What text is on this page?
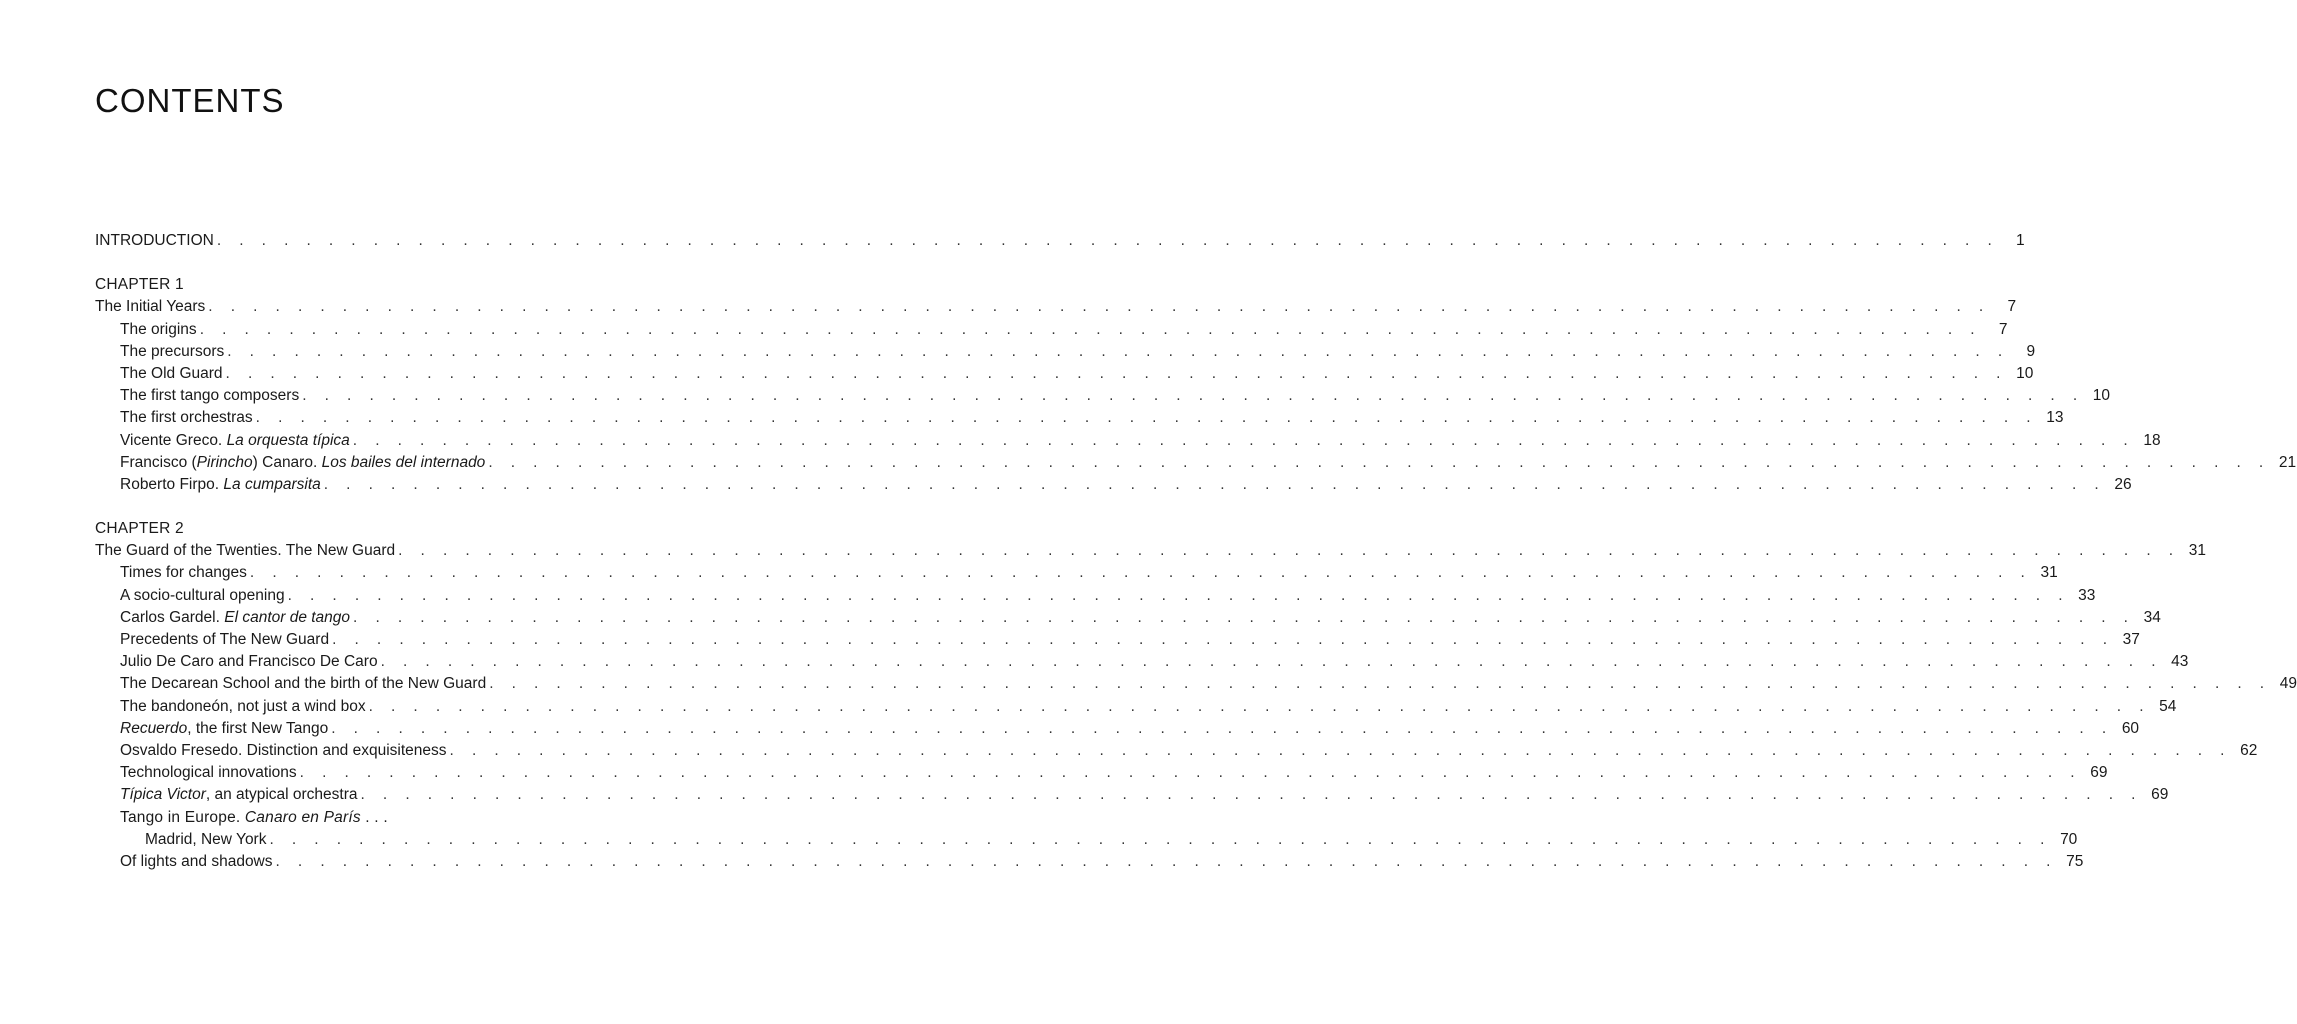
CONTENTS
INTRODUCTION . . . . . . . . . . . . . . . . . . . . . . . . . . . . . . . . . . . . . . . . . . . . . . . . . . . . . . . . . . . . . . . . . . . . . . . . . . . . . . . .	1
CHAPTER 1
The Initial Years . . . . . . . . . . . . . . . . . . . . . . . . . . . . . . . . . . . . . . . . . . . . . . . . . . . . . . . . . . . . . . . . . . . . . . . . . . . . . . . .	7
The origins . . . . . . . . . . . . . . . . . . . . . . . . . . . . . . . . . . . . . . . . . . . . . . . . . . . . . . . . . . . . . . . . . . . . . . . . . . . . . . . .	7
The precursors . . . . . . . . . . . . . . . . . . . . . . . . . . . . . . . . . . . . . . . . . . . . . . . . . . . . . . . . . . . . . . . . . . . . . . . . . . . . . . . .	9
The Old Guard . . . . . . . . . . . . . . . . . . . . . . . . . . . . . . . . . . . . . . . . . . . . . . . . . . . . . . . . . . . . . . . . . . . . . . . . . . . . . . . . 10
The first tango composers . . . . . . . . . . . . . . . . . . . . . . . . . . . . . . . . . . . . . . . . . . . . . . . . . . . . . . . . . . . . . . . . . . . . . . . . . . . . . . . . 10
The first orchestras . . . . . . . . . . . . . . . . . . . . . . . . . . . . . . . . . . . . . . . . . . . . . . . . . . . . . . . . . . . . . . . . . . . . . . . . . . . . . . . . 13
Vicente Greco. La orquesta típica . . . . . . . . . . . . . . . . . . . . . . . . . . . . . . . . . . . . . . . . . . . . . . . . . . . . . . . . . . . . . . . . . . . . . . . . . . . . . . . . 18
Francisco (Pirincho) Canaro. Los bailes del internado . . . . . . . . . . . . . . . . . . . . . . . . . . . . . . . . . . . . . . . . . . . . . . . . . . . . . . . . . . . . . . . . . . . . . . . . . . . . . . . . 21
Roberto Firpo. La cumparsita . . . . . . . . . . . . . . . . . . . . . . . . . . . . . . . . . . . . . . . . . . . . . . . . . . . . . . . . . . . . . . . . . . . . . . . . . . . . . . . . 26
CHAPTER 2
The Guard of the Twenties. The New Guard . . . . . . . . . . . . . . . . . . . . . . . . . . . . . . . . . . . . . . . . . . . . . . . . . . . . . . . . . . . . . . . . . . . . . . . . . . . . . . . . 31
Times for changes . . . . . . . . . . . . . . . . . . . . . . . . . . . . . . . . . . . . . . . . . . . . . . . . . . . . . . . . . . . . . . . . . . . . . . . . . . . . . . . . 31
A socio-cultural opening . . . . . . . . . . . . . . . . . . . . . . . . . . . . . . . . . . . . . . . . . . . . . . . . . . . . . . . . . . . . . . . . . . . . . . . . . . . . . . . . 33
Carlos Gardel. El cantor de tango . . . . . . . . . . . . . . . . . . . . . . . . . . . . . . . . . . . . . . . . . . . . . . . . . . . . . . . . . . . . . . . . . . . . . . . . . . . . . . . . 34
Precedents of The New Guard . . . . . . . . . . . . . . . . . . . . . . . . . . . . . . . . . . . . . . . . . . . . . . . . . . . . . . . . . . . . . . . . . . . . . . . . . . . . . . . . 37
Julio De Caro and Francisco De Caro . . . . . . . . . . . . . . . . . . . . . . . . . . . . . . . . . . . . . . . . . . . . . . . . . . . . . . . . . . . . . . . . . . . . . . . . . . . . . . . . 43
The Decarean School and the birth of the New Guard . . . . . . . . . . . . . . . . . . . . . . . . . . . . . . . . . . . . . . . . . . . . . . . . . . . . . . . . . . . . . . . . . . . . . . . . . . . . . . . . 49
The bandoneón, not just a wind box . . . . . . . . . . . . . . . . . . . . . . . . . . . . . . . . . . . . . . . . . . . . . . . . . . . . . . . . . . . . . . . . . . . . . . . . . . . . . . . . 54
Recuerdo, the first New Tango . . . . . . . . . . . . . . . . . . . . . . . . . . . . . . . . . . . . . . . . . . . . . . . . . . . . . . . . . . . . . . . . . . . . . . . . . . . . . . . . 60
Osvaldo Fresedo. Distinction and exquisiteness . . . . . . . . . . . . . . . . . . . . . . . . . . . . . . . . . . . . . . . . . . . . . . . . . . . . . . . . . . . . . . . . . . . . . . . . . . . . . . . . 62
Technological innovations . . . . . . . . . . . . . . . . . . . . . . . . . . . . . . . . . . . . . . . . . . . . . . . . . . . . . . . . . . . . . . . . . . . . . . . . . . . . . . . . 69
Típica Victor, an atypical orchestra . . . . . . . . . . . . . . . . . . . . . . . . . . . . . . . . . . . . . . . . . . . . . . . . . . . . . . . . . . . . . . . . . . . . . . . . . . . . . . . . 69
Tango in Europe. Canaro en París . . .
Madrid, New York . . . . . . . . . . . . . . . . . . . . . . . . . . . . . . . . . . . . . . . . . . . . . . . . . . . . . . . . . . . . . . . . . . . . . . . . . . . . . . . . 70
Of lights and shadows . . . . . . . . . . . . . . . . . . . . . . . . . . . . . . . . . . . . . . . . . . . . . . . . . . . . . . . . . . . . . . . . . . . . . . . . . . . . . . . . 75
